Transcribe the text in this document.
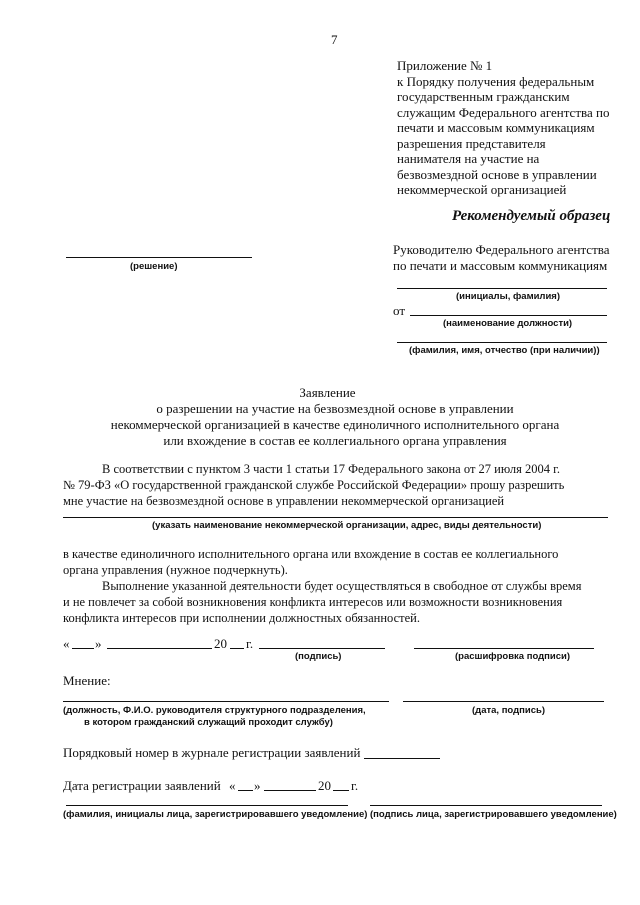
7
Приложение № 1
к Порядку получения федеральным
государственным гражданским
служащим Федерального агентства по
печати и массовым коммуникациям
разрешения представителя
нанимателя на участие на
безвозмездной основе в управлении
некоммерческой организацией
Рекомендуемый образец
(решение)
Руководителю Федерального агентства
по печати и массовым коммуникациям
(инициалы, фамилия)
от
(наименование должности)
(фамилия, имя, отчество (при наличии))
Заявление
о разрешении на участие на безвозмездной основе в управлении
некоммерческой организацией в качестве единоличного исполнительного органа
или вхождение в состав ее коллегиального органа управления
В соответствии с пунктом 3 части 1 статьи 17 Федерального закона от 27 июля 2004 г.
№ 79-ФЗ «О государственной гражданской службе Российской Федерации» прошу разрешить
мне участие на безвозмездной основе в управлении некоммерческой организацией
(указать наименование некоммерческой организации, адрес, виды деятельности)
в качестве единоличного исполнительного органа или вхождение в состав ее коллегиального
органа управления (нужное подчеркнуть).
Выполнение указанной деятельности будет осуществляться в свободное от службы время
и не повлечет за собой возникновения конфликта интересов или возможности возникновения
конфликта интересов при исполнении должностных обязанностей.
« »	20 г.
(подпись)	(расшифровка подписи)
Мнение:
(должность, Ф.И.О. руководителя структурного подразделения,
в котором гражданский служащий проходит службу)
(дата, подпись)
Порядковый номер в журнале регистрации заявлений
Дата регистрации заявлений « »	20 г.
(фамилия, инициалы лица, зарегистрировавшего уведомление) (подпись лица, зарегистрировавшего уведомление)
